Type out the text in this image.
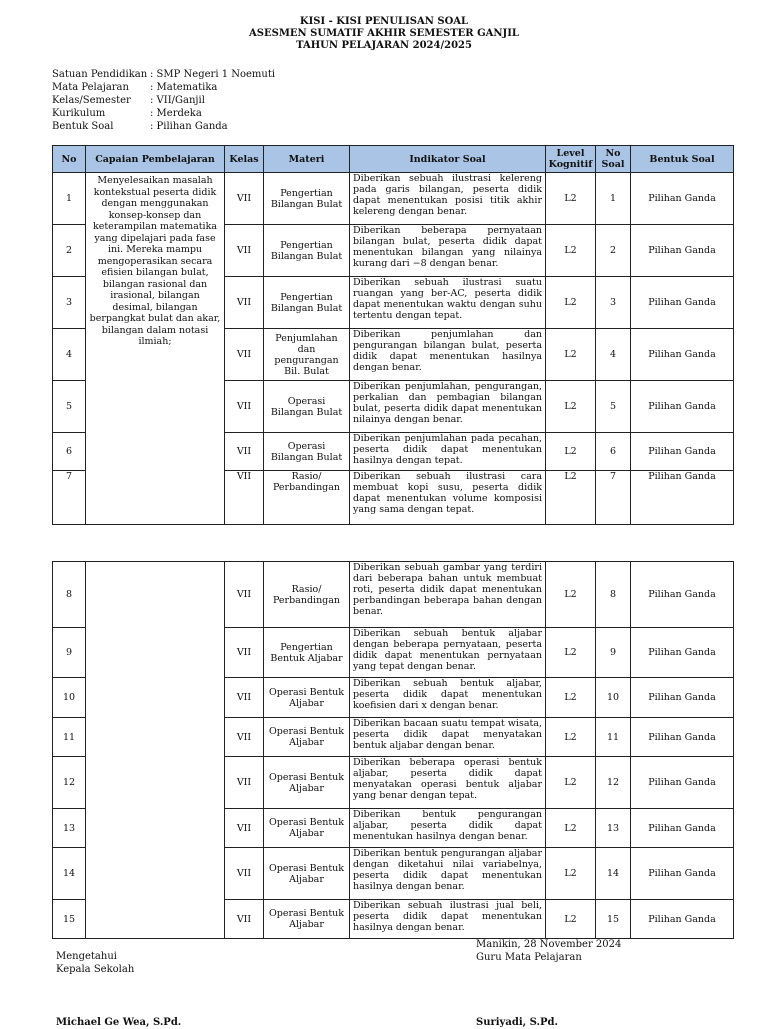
KISI - KISI PENULISAN SOAL
ASESMEN SUMATIF AKHIR SEMESTER GANJIL
TAHUN PELAJARAN 2024/2025
Satuan Pendidikan : SMP Negeri 1 Noemuti
Mata Pelajaran	: Matematika
Kelas/Semester	: VII/Ganjil
Kurikulum	: Merdeka
Bentuk Soal	: Pilihan Ganda
No	Capaian Pembelajaran	Kelas	Materi	Indikator Soal	Level Kognitif	No Soal	Bentuk Soal
1	Menyelesaikan masalah kontekstual peserta didik dengan menggunakan konsep-konsep dan keterampilan matematika yang dipelajari pada fase ini. Mereka mampu mengoperasikan secara efisien bilangan bulat, bilangan rasional dan irasional, bilangan desimal, bilangan berpangkat bulat dan akar, bilangan dalam notasi ilmiah;	VII	Pengertian Bilangan Bulat	Diberikan sebuah ilustrasi kelereng pada garis bilangan, peserta didik dapat menentukan posisi titik akhir kelereng dengan benar.	L2	1	Pilihan Ganda
2		VII	Pengertian Bilangan Bulat	Diberikan beberapa pernyataan bilangan bulat, peserta didik dapat menentukan bilangan yang nilainya kurang dari −8 dengan benar.	L2	2	Pilihan Ganda
3		VII	Pengertian Bilangan Bulat	Diberikan sebuah ilustrasi suatu ruangan yang ber-AC, peserta didik dapat menentukan waktu dengan suhu tertentu dengan tepat.	L2	3	Pilihan Ganda
4		VII	Penjumlahan dan pengurangan Bil. Bulat	Diberikan penjumlahan dan pengurangan bilangan bulat, peserta didik dapat menentukan hasilnya dengan benar.	L2	4	Pilihan Ganda
5		VII	Operasi Bilangan Bulat	Diberikan penjumlahan, pengurangan, perkalian dan pembagian bilangan bulat, peserta didik dapat menentukan nilainya dengan benar.	L2	5	Pilihan Ganda
6		VII	Operasi Bilangan Bulat	Diberikan penjumlahan pada pecahan, peserta didik dapat menentukan hasilnya dengan tepat.	L2	6	Pilihan Ganda
7		VII	Rasio/ Perbandingan	Diberikan sebuah ilustrasi cara membuat kopi susu, peserta didik dapat menentukan volume komposisi yang sama dengan tepat.	L2	7	Pilihan Ganda
8		VII	Rasio/ Perbandingan	Diberikan sebuah gambar yang terdiri dari beberapa bahan untuk membuat roti, peserta didik dapat menentukan perbandingan beberapa bahan dengan benar.	L2	8	Pilihan Ganda
9		VII	Pengertian Bentuk Aljabar	Diberikan sebuah bentuk aljabar dengan beberapa pernyataan, peserta didik dapat menentukan pernyataan yang tepat dengan benar.	L2	9	Pilihan Ganda
10		VII	Operasi Bentuk Aljabar	Diberikan sebuah bentuk aljabar, peserta didik dapat menentukan koefisien dari x dengan benar.	L2	10	Pilihan Ganda
11		VII	Operasi Bentuk Aljabar	Diberikan bacaan suatu tempat wisata, peserta didik dapat menyatakan bentuk aljabar dengan benar.	L2	11	Pilihan Ganda
12		VII	Operasi Bentuk Aljabar	Diberikan beberapa operasi bentuk aljabar, peserta didik dapat menyatakan operasi bentuk aljabar yang benar dengan tepat.	L2	12	Pilihan Ganda
13		VII	Operasi Bentuk Aljabar	Diberikan bentuk pengurangan aljabar, peserta didik dapat menentukan hasilnya dengan benar.	L2	13	Pilihan Ganda
14		VII	Operasi Bentuk Aljabar	Diberikan bentuk pengurangan aljabar dengan diketahui nilai variabelnya, peserta didik dapat menentukan hasilnya dengan benar.	L2	14	Pilihan Ganda
15		VII	Operasi Bentuk Aljabar	Diberikan sebuah ilustrasi jual beli, peserta didik dapat menentukan hasilnya dengan benar.	L2	15	Pilihan Ganda
Manikin, 28 November 2024
Guru Mata Pelajaran
Mengetahui
Kepala Sekolah
Michael Ge Wea, S.Pd.	Suriyadi, S.Pd.
